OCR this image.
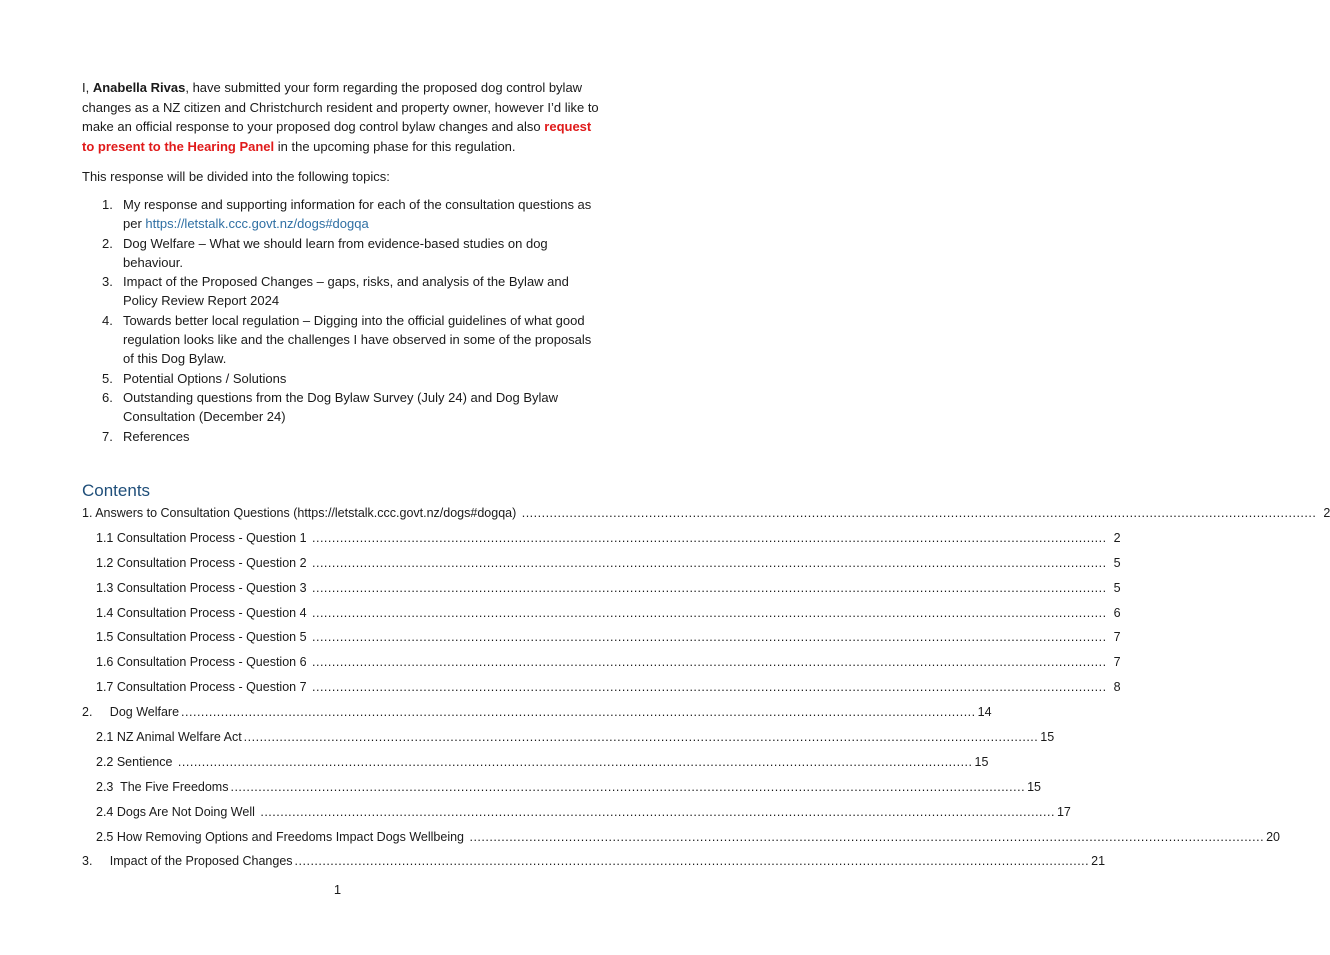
I, Anabella Rivas, have submitted your form regarding the proposed dog control bylaw changes as a NZ citizen and Christchurch resident and property owner, however I’d like to make an official response to your proposed dog control bylaw changes and also request to present to the Hearing Panel in the upcoming phase for this regulation.

This response will be divided into the following topics:
1. My response and supporting information for each of the consultation questions as per https://letstalk.ccc.govt.nz/dogs#dogqa
2. Dog Welfare – What we should learn from evidence-based studies on dog behaviour.
3. Impact of the Proposed Changes – gaps, risks, and analysis of the Bylaw and Policy Review Report 2024
4. Towards better local regulation – Digging into the official guidelines of what good regulation looks like and the challenges I have observed in some of the proposals of this Dog Bylaw.
5. Potential Options / Solutions
6. Outstanding questions from the Dog Bylaw Survey (July 24) and Dog Bylaw Consultation (December 24)
7. References
Contents
1. Answers to Consultation Questions (https://letstalk.ccc.govt.nz/dogs#dogqa) ........................................................................................................................................................................................................ 2
1.1 Consultation Process - Question 1 ........................................................................................................................................................................................................ 2
1.2 Consultation Process - Question 2 ........................................................................................................................................................................................................ 5
1.3 Consultation Process - Question 3 ........................................................................................................................................................................................................ 5
1.4 Consultation Process - Question 4 ........................................................................................................................................................................................................ 6
1.5 Consultation Process - Question 5 ........................................................................................................................................................................................................ 7
1.6 Consultation Process - Question 6 ........................................................................................................................................................................................................ 7
1.7 Consultation Process - Question 7 ........................................................................................................................................................................................................ 8
2.     Dog Welfare ........................................................................................................................................................................................................ 14
2.1 NZ Animal Welfare Act ........................................................................................................................................................................................................ 15
2.2 Sentience ........................................................................................................................................................................................................ 15
2.3  The Five Freedoms ........................................................................................................................................................................................................ 15
2.4 Dogs Are Not Doing Well ........................................................................................................................................................................................................ 17
2.5 How Removing Options and Freedoms Impact Dogs Wellbeing ........................................................................................................................................................................................................ 20
3.     Impact of the Proposed Changes ........................................................................................................................................................................................................ 21
1
